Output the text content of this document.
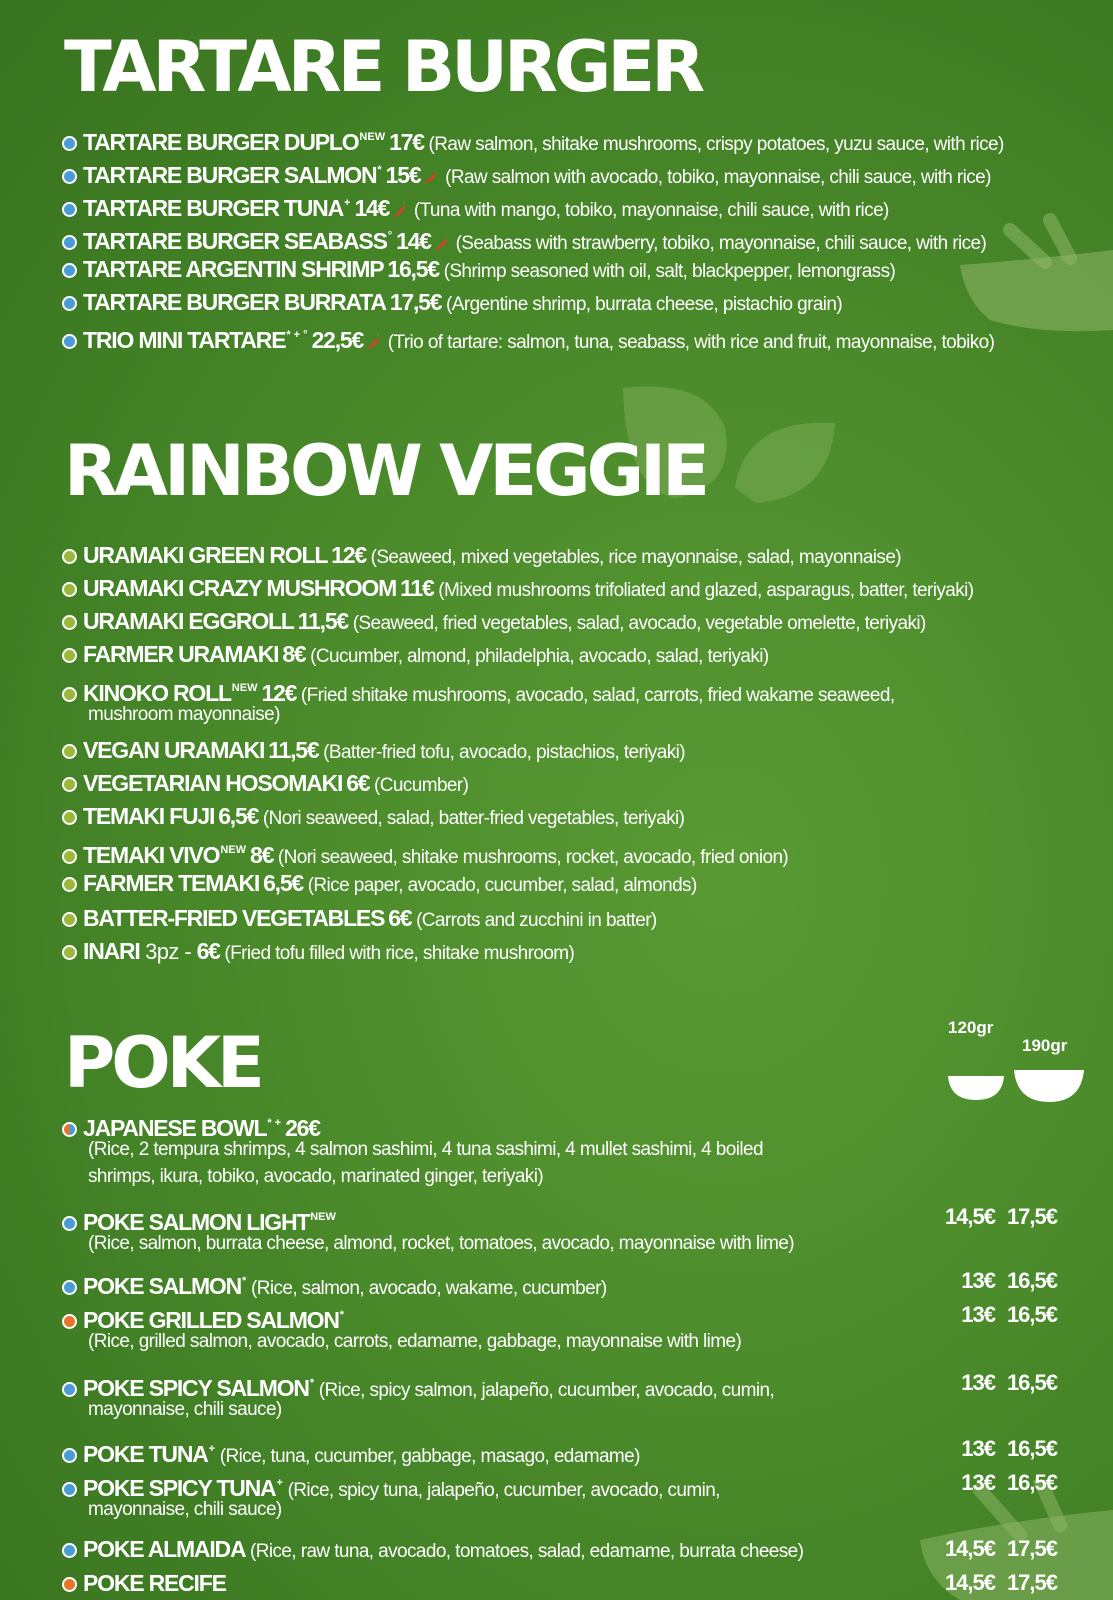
TARTARE BURGER
TARTARE BURGER $DUPLO^{NEW}$ 17€ (Raw salmon, shitake mushrooms, crispy potatoes, yuzu sauce, with rice)
TARTARE BURGER SALMON* 15€ (Raw salmon with avocado, tobiko, mayonnaise, chili sauce, with rice)
TARTARE BURGER TUNA+ 14€ (Tuna with mango, tobiko, mayonnaise, chili sauce, with rice)
TARTARE BURGER SEABASS° 14€ (Seabass with strawberry, tobiko, mayonnaise, chili sauce, with rice)
TARTARE ARGENTIN SHRIMP 16,5€ (Shrimp seasoned with oil, salt, blackpepper, lemongrass)
TARTARE BURGER BURRATA 17,5€ (Argentine shrimp, burrata cheese, pistachio grain)
TRIO MINI TARTARE* + ° 22,5€ (Trio of tartare: salmon, tuna, seabass, with rice and fruit, mayonnaise, tobiko)
RAINBOW VEGGIE
URAMAKI GREEN ROLL 12€ (Seaweed, mixed vegetables, rice mayonnaise, salad, mayonnaise)
URAMAKI CRAZY MUSHROOM 11€ (Mixed mushrooms trifoliated and glazed, asparagus, batter, teriyaki)
URAMAKI EGGROLL 11,5€ (Seaweed, fried vegetables, salad, avocado, vegetable omelette, teriyaki)
FARMER URAMAKI 8€ (Cucumber, almond, philadelphia, avocado, salad, teriyaki)
KINOKO $ROLL^{NEW}$ 12€ (Fried shitake mushrooms, avocado, salad, carrots, fried wakame seaweed,
mushroom mayonnaise)
VEGAN URAMAKI 11,5€ (Batter-fried tofu, avocado, pistachios, teriyaki)
VEGETARIAN HOSOMAKI 6€ (Cucumber)
TEMAKI FUJI 6,5€ (Nori seaweed, salad, batter-fried vegetables, teriyaki)
TEMAKI $VIVO^{NEW}$ 8€ (Nori seaweed, shitake mushrooms, rocket, avocado, fried onion)
FARMER TEMAKI 6,5€ (Rice paper, avocado, cucumber, salad, almonds)
BATTER-FRIED VEGETABLES 6€ (Carrots and zucchini in batter)
INARI 3pz - 6€ (Fried tofu filled with rice, shitake mushroom)
POKE	120gr
190gr
JAPANESE BOWL* + 26€
(Rice, 2 tempura shrimps, 4 salmon sashimi, 4 tuna sashimi, 4 mullet sashimi, 4 boiled
shrimps, ikura, tobiko, avocado, marinated ginger, teriyaki)
POKE SALMON $LIGHT^{NEW}$
(Rice, salmon, burrata cheese, almond, rocket, tomatoes, avocado, mayonnaise with lime)
14,5€ 17,5€
POKE SALMON* (Rice, salmon, avocado, wakame, cucumber)	13€ 16,5€
POKE GRILLED SALMON*
(Rice, grilled salmon, avocado, carrots, edamame, gabbage, mayonnaise with lime)
13€ 16,5€
POKE SPICY SALMON* (Rice, spicy salmon, jalapeño, cucumber, avocado, cumin,
mayonnaise, chili sauce)
13€ 16,5€
POKE TUNA+ (Rice, tuna, cucumber, gabbage, masago, edamame)	13€ 16,5€
POKE SPICY TUNA+ (Rice, spicy tuna, jalapeño, cucumber, avocado, cumin,
mayonnaise, chili sauce)
13€ 16,5€
POKE ALMAIDA (Rice, raw tuna, avocado, tomatoes, salad, edamame, burrata cheese)	14,5€ 17,5€
POKE RECIFE	14,5€ 17,5€
